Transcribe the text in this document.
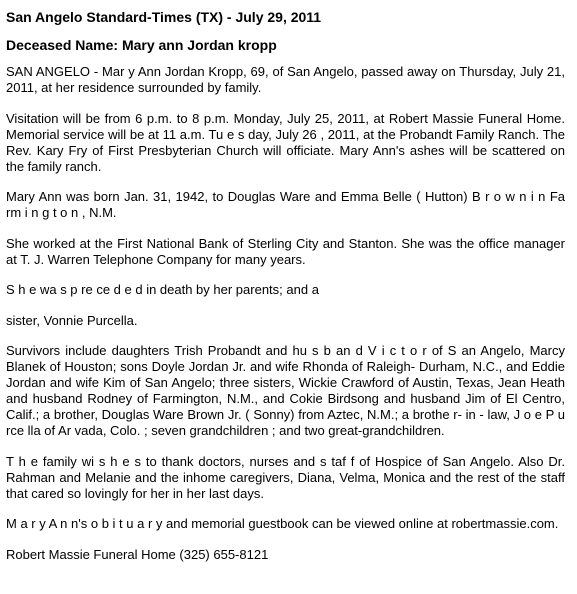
San Angelo Standard-Times (TX) - July 29, 2011
Deceased Name: Mary ann Jordan kropp

SAN ANGELO - Mar y Ann Jordan Kropp, 69, of San Angelo, passed away on Thursday, July 21, 2011, at her residence surrounded by family.

Visitation will be from 6 p.m. to 8 p.m. Monday, July 25, 2011, at Robert Massie Funeral Home. Memorial service will be at 11 a.m. Tu e s day, July 26 , 2011, at the Probandt Family Ranch. The Rev. Kary Fry of First Presbyterian Church will officiate. Mary Ann's ashes will be scattered on the family ranch.

Mary Ann was born Jan. 31, 1942, to Douglas Ware and Emma Belle ( Hutton) B r o w n i n Fa rm i n g t o n , N.M.

She worked at the First National Bank of Sterling City and Stanton. She was the office manager at T. J. Warren Telephone Company for many years.

S h e wa s p re ce d e d in death by her parents; and a

sister, Vonnie Purcella.

Survivors include daughters Trish Probandt and hu s b an d V i c t o r of S an Angelo, Marcy Blanek of Houston; sons Doyle Jordan Jr. and wife Rhonda of Raleigh- Durham, N.C., and Eddie Jordan and wife Kim of San Angelo; three sisters, Wickie Crawford of Austin, Texas, Jean Heath and husband Rodney of Farmington, N.M., and Cokie Birdsong and husband Jim of El Centro, Calif.; a brother, Douglas Ware Brown Jr. ( Sonny) from Aztec, N.M.; a brothe r- in - law, J o e P u rce lla of Ar vada, Colo. ; seven grandchildren ; and two great-grandchildren.

T h e family wi s h e s to thank doctors, nurses and s taf f of Hospice of San Angelo. Also Dr. Rahman and Melanie and the inhome caregivers, Diana, Velma, Monica and the rest of the staff that cared so lovingly for her in her last days.

M a r y A n n's o b i t u a r y and memorial guestbook can be viewed online at robertmassie.com.

Robert Massie Funeral Home (325) 655-8121
